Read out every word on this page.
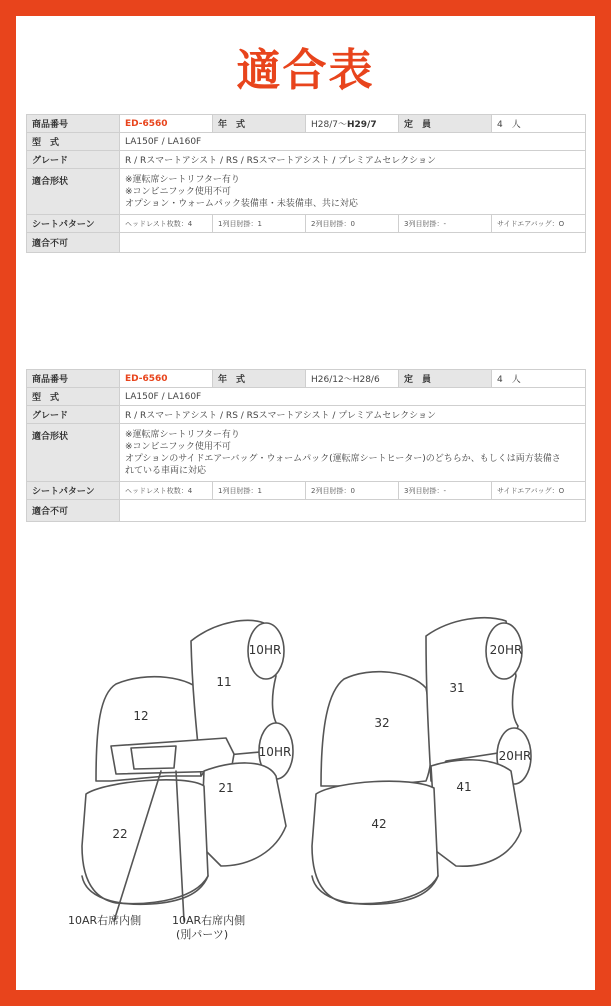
適合表
商品番号	ED-6560	年　式	H28/7〜H29/7	定　員	4　人
型　式	LA150F / LA160F				
グレード	R / Rスマートアシスト / RS / RSスマートアシスト / プレミアムセレクション				
適合形状	※運転席シートリフター有り
※コンビニフック使用不可
オプション・ウォームパック装備車・未装備車、共に対応				

シートパターン	ヘッドレスト枚数：4	1列目肘掛：1	2列目肘掛：0	3列目肘掛：-	サイドエアバッグ：O
適合不可					
商品番号	ED-6560	年　式	H26/12〜H28/6	定　員	4　人
型　式	LA150F / LA160F				
グレード	R / Rスマートアシスト / RS / RSスマートアシスト / プレミアムセレクション				
適合形状	※運転席シートリフター有り
※コンビニフック使用不可
オプションのサイドエアーバッグ・ウォームパック(運転席シートヒーター)のどちらか、もしくは両方装備さ
れている車両に対応				

シートパターン	ヘッドレスト枚数：4	1列目肘掛：1	2列目肘掛：0	3列目肘掛：-	サイドエアバッグ：O
適合不可					
10HR
10HR
11
12
21
22
20HR
20HR
31
32
41
42
10AR右席内側	10AR右席内側
(別パーツ)
